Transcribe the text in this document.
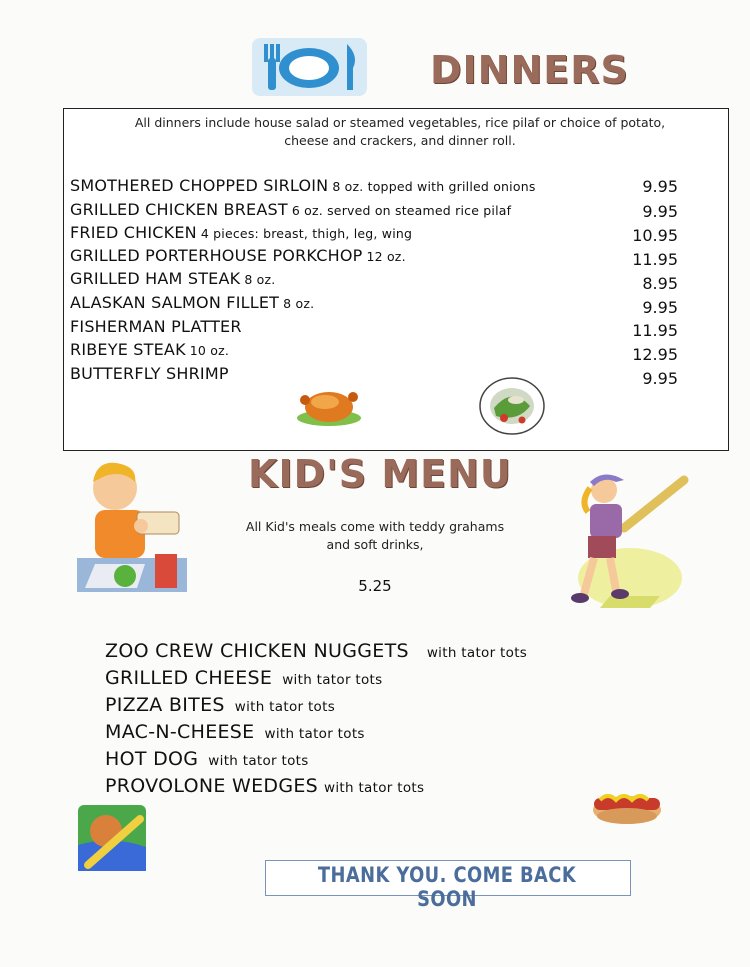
DINNERS
All dinners include house salad or steamed vegetables, rice pilaf or choice of potato,
cheese and crackers, and dinner roll.
SMOTHERED CHOPPED SIRLOIN 8 oz. topped with grilled onions	9.95
GRILLED CHICKEN BREAST 6 oz. served on steamed rice pilaf	9.95
FRIED CHICKEN 4 pieces: breast, thigh, leg, wing	10.95
GRILLED PORTERHOUSE PORKCHOP 12 oz.	11.95
GRILLED HAM STEAK 8 oz.	8.95
ALASKAN SALMON FILLET 8 oz.	9.95
FISHERMAN PLATTER	11.95
RIBEYE STEAK 10 oz.	12.95
BUTTERFLY SHRIMP	9.95
KID'S MENU
All Kid's meals come with teddy grahams
and soft drinks,
5.25
ZOO CREW CHICKEN NUGGETS with tator tots
GRILLED CHEESE with tator tots
PIZZA BITES with tator tots
MAC-N-CHEESE with tator tots
HOT DOG with tator tots
PROVOLONE WEDGES with tator tots
THANK YOU. COME BACK SOON
